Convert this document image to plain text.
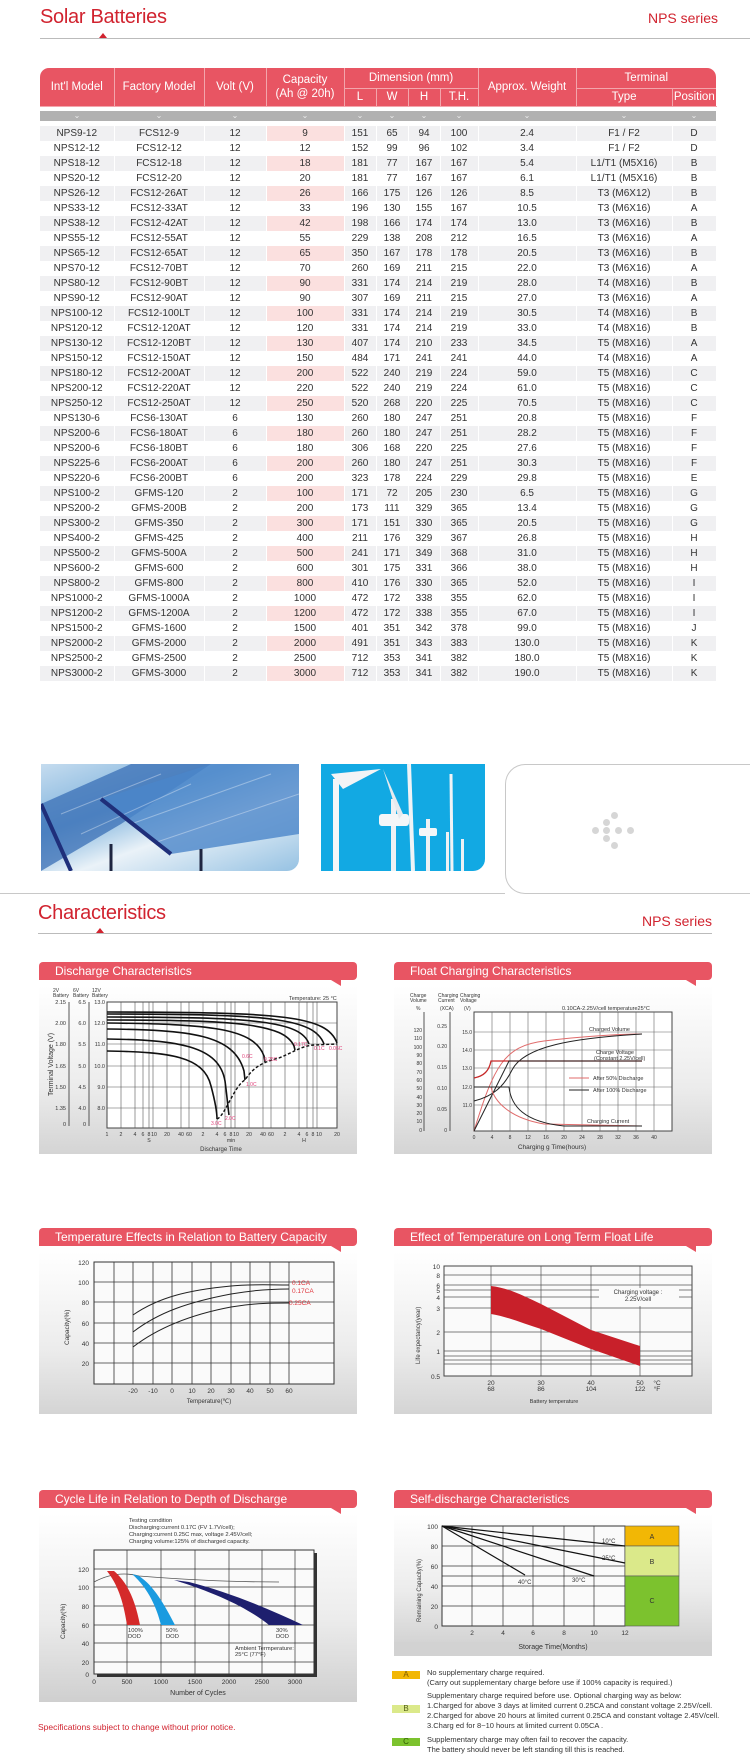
Solar Batteries	NPS series
Int'l Model	Factory Model	Volt (V)	Capacity
(Ah @ 20h)	Dimension (mm)				Approx. Weight	Terminal	
				L	W	H	T.H.		Type	Position

⌄	⌄	⌄	⌄	⌄	⌄	⌄	⌄	⌄	⌄	⌄

NPS9-12	FCS12-9	12	9	151	65	94	100	2.4	F1 / F2	D
NPS12-12	FCS12-12	12	12	152	99	96	102	3.4	F1 / F2	D
NPS18-12	FCS12-18	12	18	181	77	167	167	5.4	L1/T1 (M5X16)	B
NPS20-12	FCS12-20	12	20	181	77	167	167	6.1	L1/T1 (M5X16)	B
NPS26-12	FCS12-26AT	12	26	166	175	126	126	8.5	T3 (M6X12)	B
NPS33-12	FCS12-33AT	12	33	196	130	155	167	10.5	T3 (M6X16)	A
NPS38-12	FCS12-42AT	12	42	198	166	174	174	13.0	T3 (M6X16)	B
NPS55-12	FCS12-55AT	12	55	229	138	208	212	16.5	T3 (M6X16)	A
NPS65-12	FCS12-65AT	12	65	350	167	178	178	20.5	T3 (M6X16)	B
NPS70-12	FCS12-70BT	12	70	260	169	211	215	22.0	T3 (M6X16)	A
NPS80-12	FCS12-90BT	12	90	331	174	214	219	28.0	T4 (M8X16)	B
NPS90-12	FCS12-90AT	12	90	307	169	211	215	27.0	T3 (M6X16)	A
NPS100-12	FCS12-100LT	12	100	331	174	214	219	30.5	T4 (M8X16)	B
NPS120-12	FCS12-120AT	12	120	331	174	214	219	33.0	T4 (M8X16)	B
NPS130-12	FCS12-120BT	12	130	407	174	210	233	34.5	T5 (M8X16)	A
NPS150-12	FCS12-150AT	12	150	484	171	241	241	44.0	T4 (M8X16)	A
NPS180-12	FCS12-200AT	12	200	522	240	219	224	59.0	T5 (M8X16)	C
NPS200-12	FCS12-220AT	12	220	522	240	219	224	61.0	T5 (M8X16)	C
NPS250-12	FCS12-250AT	12	250	520	268	220	225	70.5	T5 (M8X16)	C
NPS130-6	FCS6-130AT	6	130	260	180	247	251	20.8	T5 (M8X16)	F
NPS200-6	FCS6-180AT	6	180	260	180	247	251	28.2	T5 (M8X16)	F
NPS200-6	FCS6-180BT	6	180	306	168	220	225	27.6	T5 (M8X16)	F
NPS225-6	FCS6-200AT	6	200	260	180	247	251	30.3	T5 (M8X16)	F
NPS220-6	FCS6-200BT	6	200	323	178	224	229	29.8	T5 (M8X16)	E
NPS100-2	GFMS-120	2	100	171	72	205	230	6.5	T5 (M8X16)	G
NPS200-2	GFMS-200B	2	200	173	111	329	365	13.4	T5 (M8X16)	G
NPS300-2	GFMS-350	2	300	171	151	330	365	20.5	T5 (M8X16)	G
NPS400-2	GFMS-425	2	400	211	176	329	367	26.8	T5 (M8X16)	H
NPS500-2	GFMS-500A	2	500	241	171	349	368	31.0	T5 (M8X16)	H
NPS600-2	GFMS-600	2	600	301	175	331	366	38.0	T5 (M8X16)	H
NPS800-2	GFMS-800	2	800	410	176	330	365	52.0	T5 (M8X16)	I
NPS1000-2	GFMS-1000A	2	1000	472	172	338	355	62.0	T5 (M8X16)	I
NPS1200-2	GFMS-1200A	2	1200	472	172	338	355	67.0	T5 (M8X16)	I
NPS1500-2	GFMS-1600	2	1500	401	351	342	378	99.0	T5 (M8X16)	J
NPS2000-2	GFMS-2000	2	2000	491	351	343	383	130.0	T5 (M8X16)	K
NPS2500-2	GFMS-2500	2	2500	712	353	341	382	180.0	T5 (M8X16)	K
NPS3000-2	GFMS-3000	2	3000	712	353	341	382	190.0	T5 (M8X16)	K
Characteristics	NPS series
Discharge Characteristics
2V
Battery
6V
Battery
12V
Battery	Temperature: 25 °C
Terminal Voltage (V)
2.15
2.00
1.80
1.65
1.50
1.35
0
6.5
6.0
5.5
5.0
4.5
4.0
0
13.0
12.0
11.0
10.0
9.0
8.0
3.0C
2.0C
1.0C
0.6C 0.25C
0.17C
0.1C 0.05C
1 2 4 6 8 10 20 40 60 2 4 6 8 10 20 40 60 2 4 6 8 10 20
S	min	H
Discharge Time
Float Charging Characteristics
Charge
Volume
%
Charging
Current
(XCA)
Charging
Voltage
(V)	0.10CA-2.25V/cell temperature25°C
120
110
100
90
80
70
60
50
40
30
20
10
0
0.25
0.20
0.15
0.10
0.05
0
15.0
14.0
13.0
12.0
11.0
Charged Volume
Charge Voltage
(Constant 2.25V/cell)
After 50% Discharge
After 100% Discharge
Charging Current
0	4	8	12 16 20 24 28 32 36 40
Charging g Time(hours)
Temperature Effects in Relation to Battery Capacity
0.1CA
0.17CA
0.25CA
120
100
80
60
40
20
Capacity(%)
-20 -10 0 10 20 30 40 50 60
Temperature(℃)
Effect of Temperature on Long Term Float Life
Charging voltage :
2.25V/cell
10
8
6
5
4
3
2
1
0.5
Life expectancy(year)
20
68
30
86
40
104
50
122
°C
°F
Battery temperature
Cycle Life in Relation to Depth of Discharge
Testing condition
Discharging:current 0.17C (FV 1.7V/cell);
Charging:current 0.25C max, voltage 2.45V/cell;
Charging volume:125% of discharged capacity.
100%
DOD
50%
DOD
30%
DOD
Ambient Termperature:
25°C (77°F)
120
100
80
60
40
20
0
Capacity(%)
0	500	1000	1500	2000	2500	3000
Number of Cycles
Self-discharge Characteristics
A
B
C
10°C
25°C
30°C
40°C
100
80
60
40
20
0
Remaining Capacity(%)
2	4	6	8	10	12
Storage Time(Months)
A	No supplementary charge required.
(Carry out supplementary charge before use if 100% capacity is required.)
B
Supplementary charge required before use. Optional charging way as below:
1.Charged for above 3 days at limited current 0.25CA and constant voltage 2.25V/cell.
2.Charged for above 20 hours at limited current 0.25CA and constant voltage 2.45V/cell.
3.Charg ed for 8~10 hours at limited current 0.05CA .
C	Supplementary charge may often fail to recover the capacity.
The battery should never be left standing till this is reached.
Specifications subject to change without prior notice.
